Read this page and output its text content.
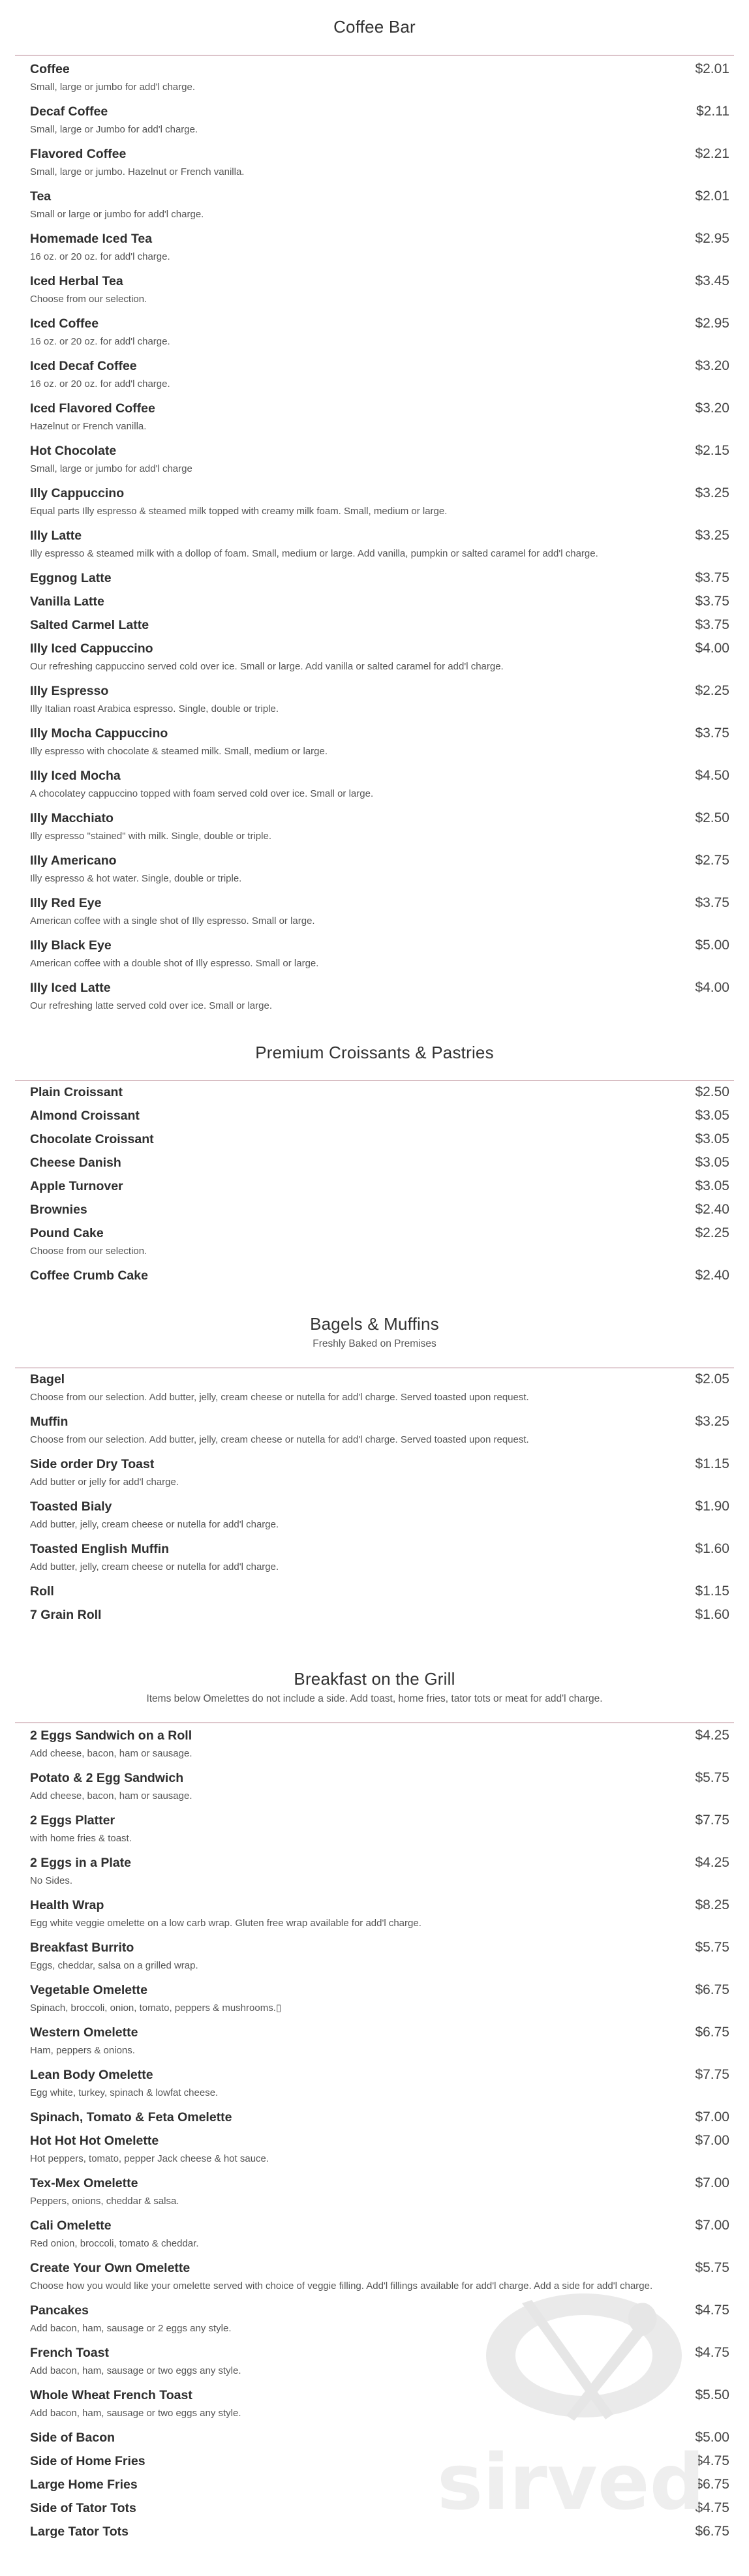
Coffee Bar
Coffee	$2.01
Small, large or jumbo for add'l charge.
Decaf Coffee	$2.11
Small, large or Jumbo for add'l charge.
Flavored Coffee	$2.21
Small, large or jumbo. Hazelnut or French vanilla.
Tea	$2.01
Small or large or jumbo for add'l charge.
Homemade Iced Tea	$2.95
16 oz. or 20 oz. for add'l charge.
Iced Herbal Tea	$3.45
Choose from our selection.
Iced Coffee	$2.95
16 oz. or 20 oz. for add'l charge.
Iced Decaf Coffee	$3.20
16 oz. or 20 oz. for add'l charge.
Iced Flavored Coffee	$3.20
Hazelnut or French vanilla.
Hot Chocolate	$2.15
Small, large or jumbo for add'l charge
Illy Cappuccino	$3.25
Equal parts Illy espresso & steamed milk topped with creamy milk foam. Small, medium or large.
Illy Latte	$3.25
Illy espresso & steamed milk with a dollop of foam. Small, medium or large. Add vanilla, pumpkin or salted caramel for add'l charge.
Eggnog Latte	$3.75
Vanilla Latte	$3.75
Salted Carmel Latte	$3.75
Illy Iced Cappuccino	$4.00
Our refreshing cappuccino served cold over ice. Small or large. Add vanilla or salted caramel for add'l charge.
Illy Espresso	$2.25
Illy Italian roast Arabica espresso. Single, double or triple.
Illy Mocha Cappuccino	$3.75
Illy espresso with chocolate & steamed milk. Small, medium or large.
Illy Iced Mocha	$4.50
A chocolatey cappuccino topped with foam served cold over ice. Small or large.
Illy Macchiato	$2.50
Illy espresso "stained" with milk. Single, double or triple.
Illy Americano	$2.75
Illy espresso & hot water. Single, double or triple.
Illy Red Eye	$3.75
American coffee with a single shot of Illy espresso. Small or large.
Illy Black Eye	$5.00
American coffee with a double shot of Illy espresso. Small or large.
Illy Iced Latte	$4.00
Our refreshing latte served cold over ice. Small or large.
Premium Croissants & Pastries
Plain Croissant	$2.50
Almond Croissant	$3.05
Chocolate Croissant	$3.05
Cheese Danish	$3.05
Apple Turnover	$3.05
Brownies	$2.40
Pound Cake	$2.25
Choose from our selection.
Coffee Crumb Cake	$2.40
Bagels & Muffins
Freshly Baked on Premises
Bagel	$2.05
Choose from our selection. Add butter, jelly, cream cheese or nutella for add'l charge. Served toasted upon request.
Muffin	$3.25
Choose from our selection. Add butter, jelly, cream cheese or nutella for add'l charge. Served toasted upon request.
Side order Dry Toast	$1.15
Add butter or jelly for add'l charge.
Toasted Bialy	$1.90
Add butter, jelly, cream cheese or nutella for add'l charge.
Toasted English Muffin	$1.60
Add butter, jelly, cream cheese or nutella for add'l charge.
Roll	$1.15
7 Grain Roll	$1.60
Breakfast on the Grill
Items below Omelettes do not include a side. Add toast, home fries, tator tots or meat for add'l charge.
2 Eggs Sandwich on a Roll	$4.25
Add cheese, bacon, ham or sausage.
Potato & 2 Egg Sandwich	$5.75
Add cheese, bacon, ham or sausage.
2 Eggs Platter	$7.75
with home fries & toast.
2 Eggs in a Plate	$4.25
No Sides.
Health Wrap	$8.25
Egg white veggie omelette on a low carb wrap. Gluten free wrap available for add'l charge.
Breakfast Burrito	$5.75
Eggs, cheddar, salsa on a grilled wrap.
Vegetable Omelette	$6.75
Spinach, broccoli, onion, tomato, peppers & mushrooms.▯
Western Omelette	$6.75
Ham, peppers & onions.
Lean Body Omelette	$7.75
Egg white, turkey, spinach & lowfat cheese.
Spinach, Tomato & Feta Omelette	$7.00
Hot Hot Hot Omelette	$7.00
Hot peppers, tomato, pepper Jack cheese & hot sauce.
Tex-Mex Omelette	$7.00
Peppers, onions, cheddar & salsa.
Cali Omelette	$7.00
Red onion, broccoli, tomato & cheddar.
Create Your Own Omelette	$5.75
Choose how you would like your omelette served with choice of veggie filling. Add'l fillings available for add'l charge. Add a side for add'l charge.
Pancakes	$4.75
Add bacon, ham, sausage or 2 eggs any style.
French Toast	$4.75
Add bacon, ham, sausage or two eggs any style.
Whole Wheat French Toast	$5.50
Add bacon, ham, sausage or two eggs any style.
Side of Bacon	$5.00
Side of Home Fries	$4.75
Large Home Fries	$6.75
Side of Tator Tots	$4.75
Large Tator Tots	$6.75
sirved
